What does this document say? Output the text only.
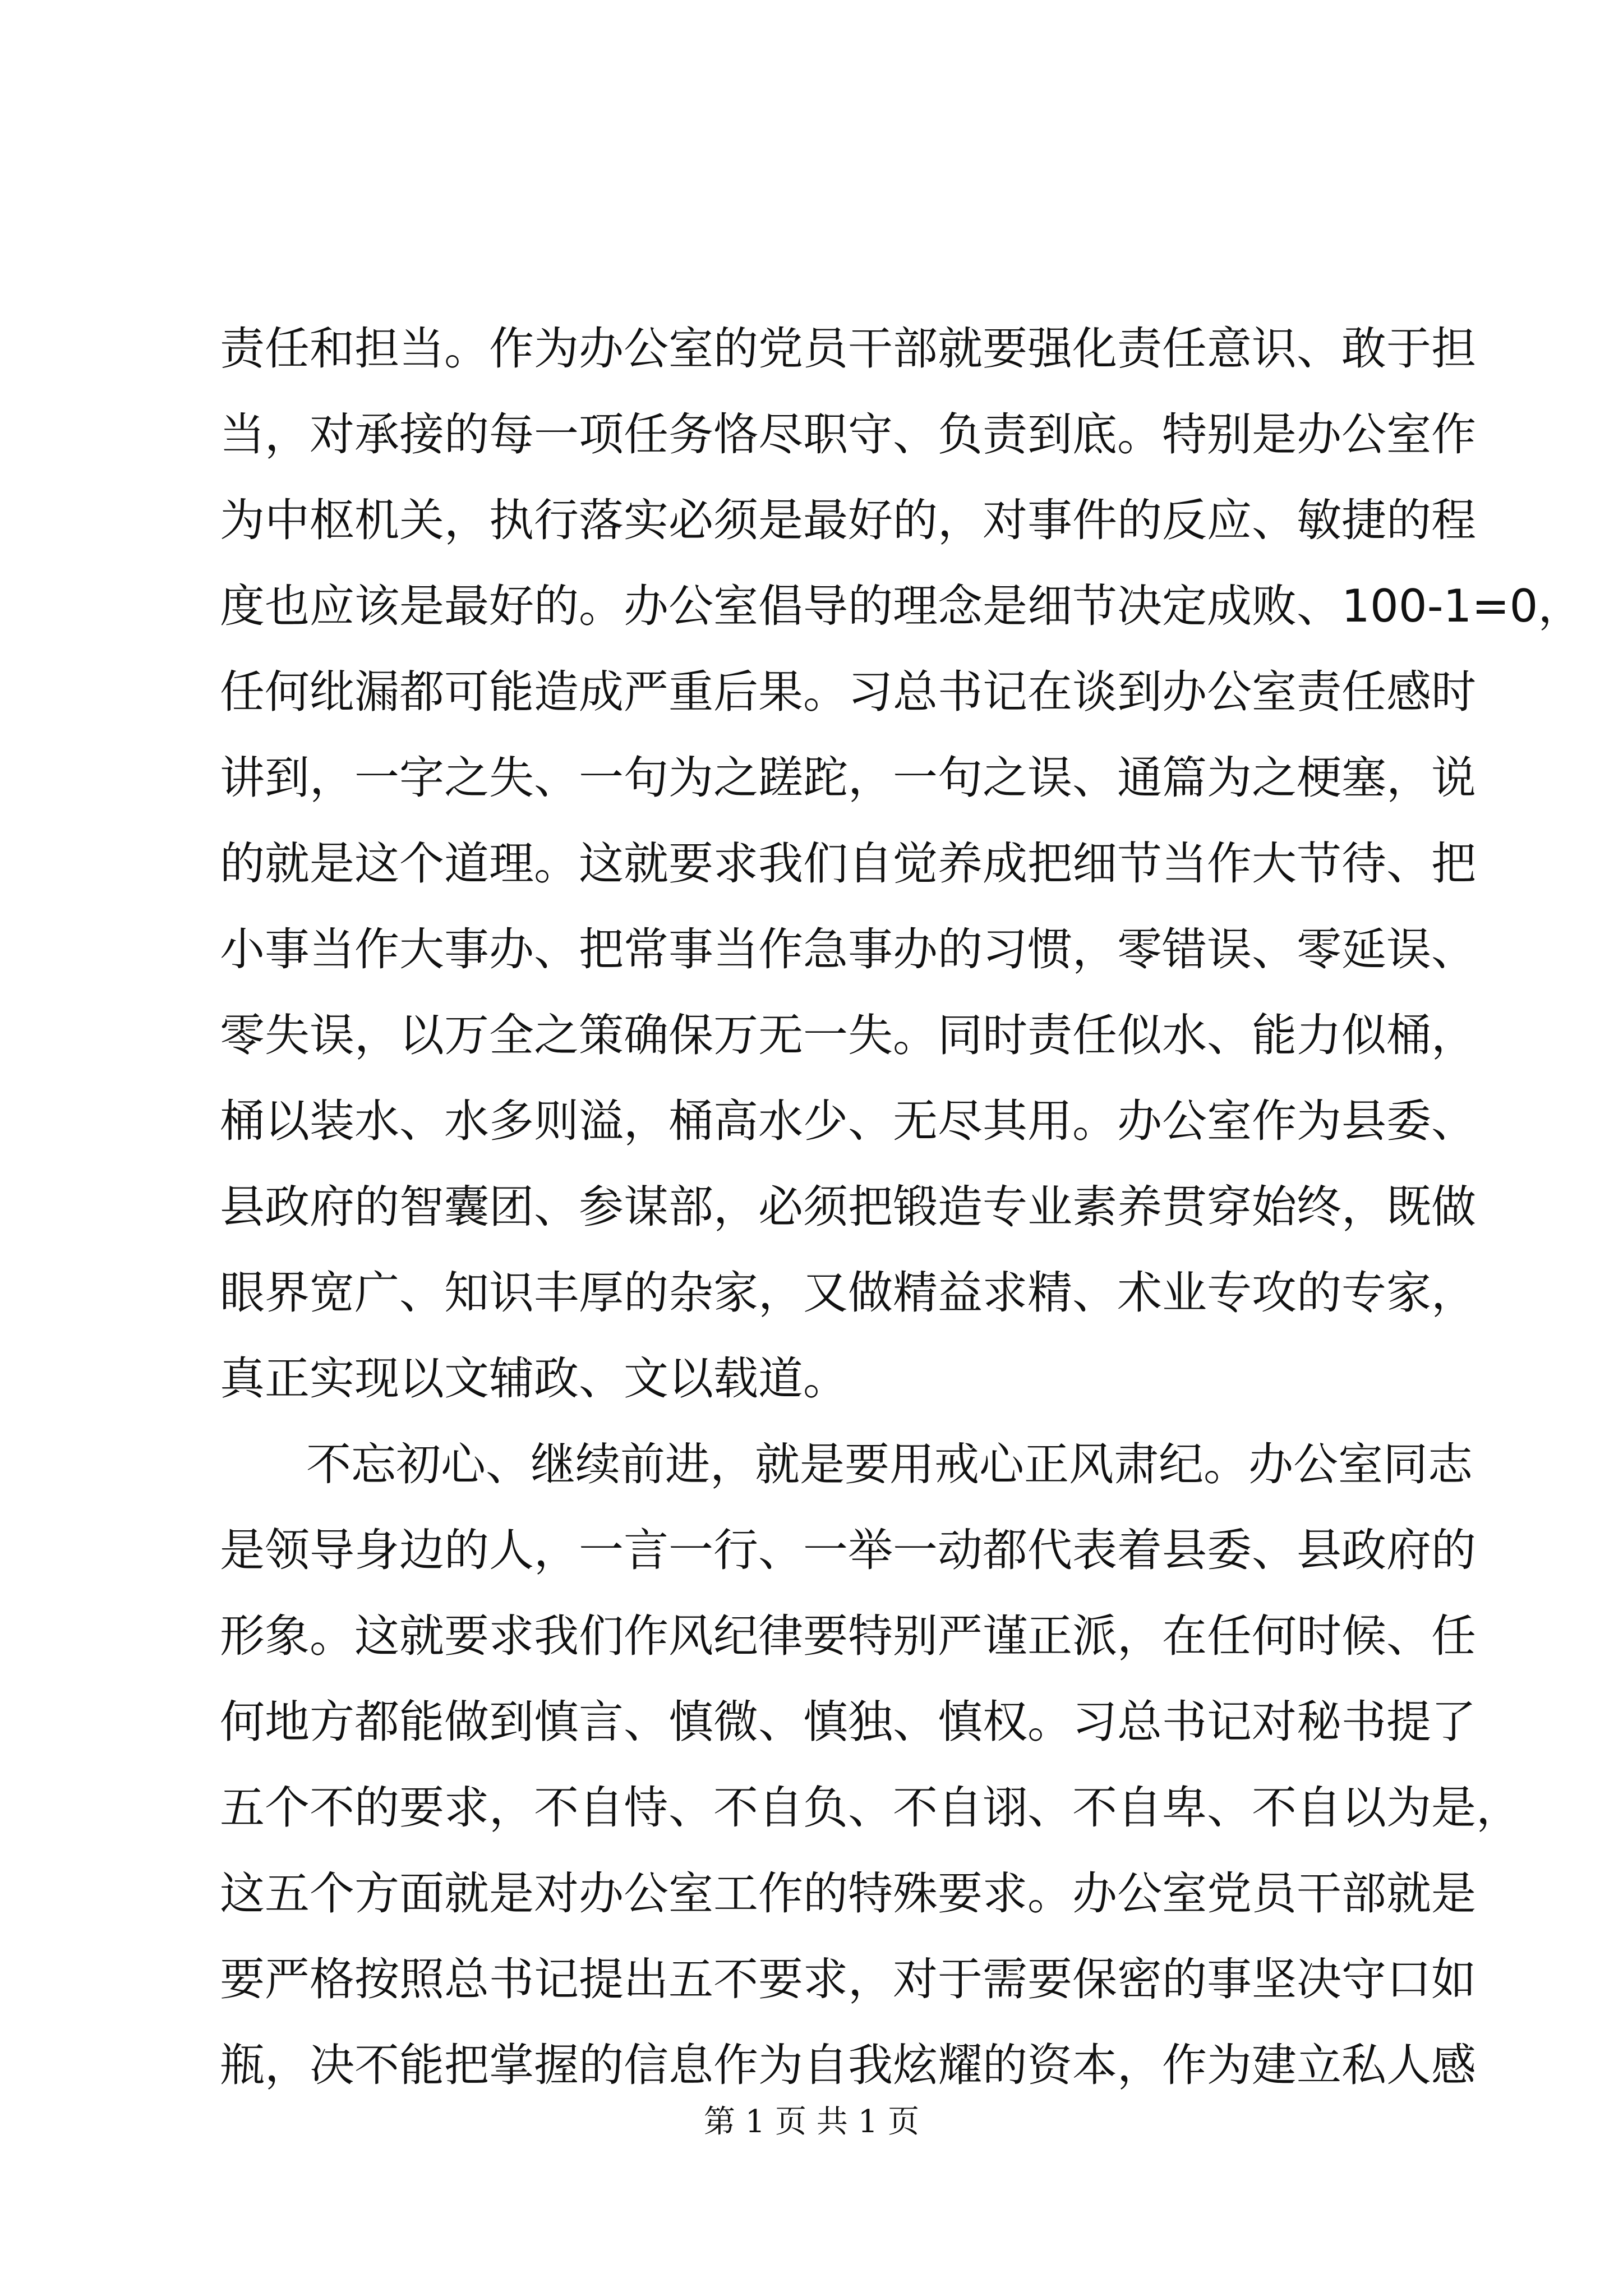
责任和担当。作为办公室的党员干部就要强化责任意识、敢于担
当，对承接的每一项任务恪尽职守、负责到底。特别是办公室作
为中枢机关，执行落实必须是最好的，对事件的反应、敏捷的程
度也应该是最好的。办公室倡导的理念是细节决定成败、100-1=0，
任何纰漏都可能造成严重后果。习总书记在谈到办公室责任感时
讲到，一字之失、一句为之蹉跎，一句之误、通篇为之梗塞，说
的就是这个道理。这就要求我们自觉养成把细节当作大节待、把
小事当作大事办、把常事当作急事办的习惯，零错误、零延误、
零失误，以万全之策确保万无一失。同时责任似水、能力似桶，
桶以装水、水多则溢，桶高水少、无尽其用。办公室作为县委、
县政府的智囊团、参谋部，必须把锻造专业素养贯穿始终，既做
眼界宽广、知识丰厚的杂家，又做精益求精、术业专攻的专家，
真正实现以文辅政、文以载道。
不忘初心、继续前进，就是要用戒心正风肃纪。办公室同志
是领导身边的人，一言一行、一举一动都代表着县委、县政府的
形象。这就要求我们作风纪律要特别严谨正派，在任何时候、任
何地方都能做到慎言、慎微、慎独、慎权。习总书记对秘书提了
五个不的要求，不自恃、不自负、不自诩、不自卑、不自以为是，
这五个方面就是对办公室工作的特殊要求。办公室党员干部就是
要严格按照总书记提出五不要求，对于需要保密的事坚决守口如
瓶，决不能把掌握的信息作为自我炫耀的资本，作为建立私人感
第 1 页 共 1 页
